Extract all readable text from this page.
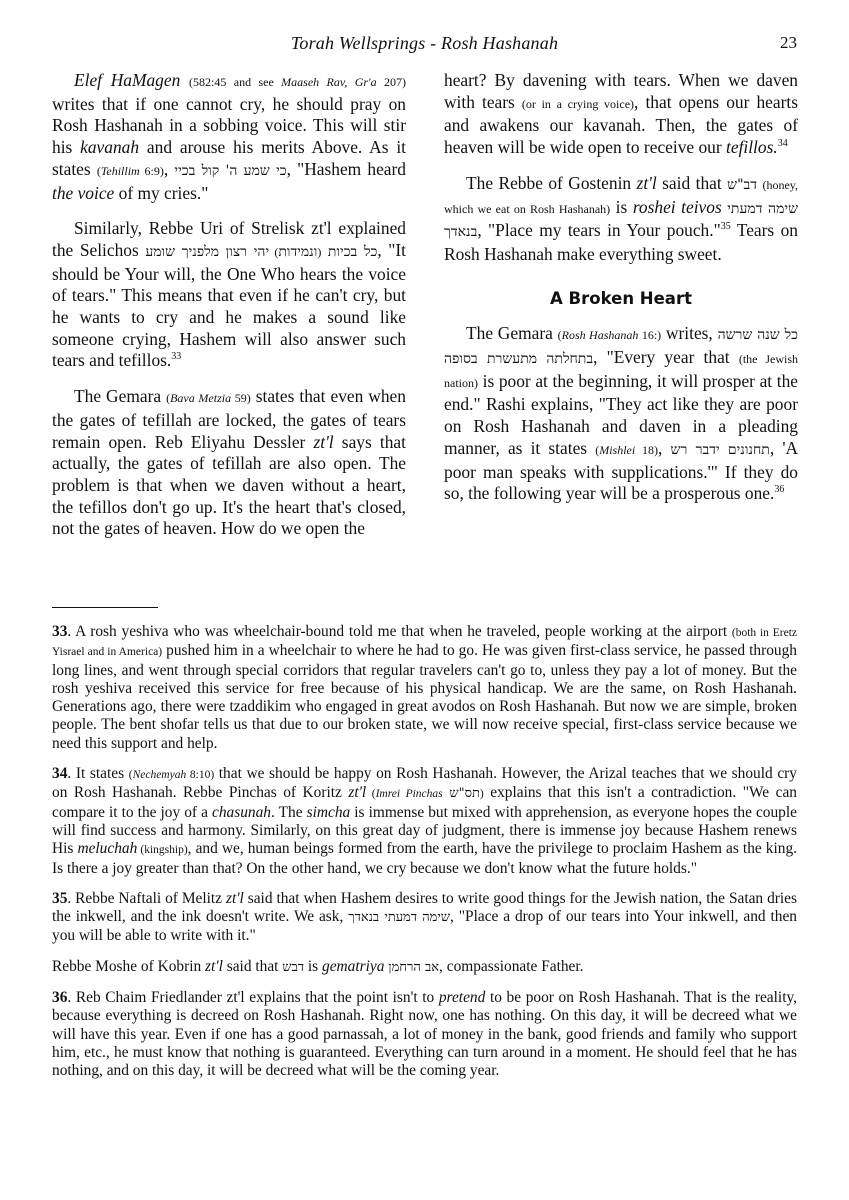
Torah Wellsprings - Rosh Hashanah	23

Elef HaMagen (582:45 and see Maaseh Rav, Gr'a 207) writes that if one cannot cry, he should pray on Rosh Hashanah in a sobbing voice. This will stir his kavanah and arouse his merits Above. As it states (Tehillim 6:9), כי שמע ה' קול בכיי, "Hashem heard the voice of my cries."

Similarly, Rebbe Uri of Strelisk zt'l explained the Selichos יהי רצון מלפניך שומע (ונמידות) כל בכיות, "It should be Your will, the One Who hears the voice of tears." This means that even if he can't cry, but he wants to cry and he makes a sound like someone crying, Hashem will also answer such tears and tefillos.$^{33}$

The Gemara (Bava Metzia 59) states that even when the gates of tefillah are locked, the gates of tears remain open. Reb Eliyahu Dessler zt'l says that actually, the gates of tefillah are also open. The problem is that when we daven without a heart, the tefillos don't go up. It's the heart that's closed, not the gates of heaven. How do we open the

heart? By davening with tears. When we daven with tears (or in a crying voice), that opens our hearts and awakens our kavanah. Then, the gates of heaven will be wide open to receive our tefillos.$^{34}$

The Rebbe of Gostenin zt'l said that דב"ש (honey, which we eat on Rosh Hashanah) is roshei teivos שימה דמעתי בנאדך, "Place my tears in Your pouch."$^{35}$ Tears on Rosh Hashanah make everything sweet.

A Broken Heart

The Gemara (Rosh Hashanah 16:) writes, כל שנה שרשה בתחלתה מתעשרת בסופה, "Every year that (the Jewish nation) is poor at the beginning, it will prosper at the end." Rashi explains, "They act like they are poor on Rosh Hashanah and daven in a pleading manner, as it states (Mishlei 18), תחנונים ידבר רש, 'A poor man speaks with supplications.'" If they do so, the following year will be a prosperous one.$^{36}$

33. A rosh yeshiva who was wheelchair-bound told me that when he traveled, people working at the airport (both in Eretz Yisrael and in America) pushed him in a wheelchair to where he had to go. He was given first-class service, he passed through long lines, and went through special corridors that regular travelers can't go to, unless they pay a lot of money. But the rosh yeshiva received this service for free because of his physical handicap. We are the same, on Rosh Hashanah. Generations ago, there were tzaddikim who engaged in great avodos on Rosh Hashanah. But now we are simple, broken people. The bent shofar tells us that due to our broken state, we will now receive special, first-class service because we need this support and help.

34. It states (Nechemyah 8:10) that we should be happy on Rosh Hashanah. However, the Arizal teaches that we should cry on Rosh Hashanah. Rebbe Pinchas of Koritz zt'l (Imrei Pinchas תס"ש) explains that this isn't a contradiction. "We can compare it to the joy of a chasunah. The simcha is immense but mixed with apprehension, as everyone hopes the couple will find success and harmony. Similarly, on this great day of judgment, there is immense joy because Hashem renews His meluchah (kingship), and we, human beings formed from the earth, have the privilege to proclaim Hashem as the king. Is there a joy greater than that? On the other hand, we cry because we don't know what the future holds."

35. Rebbe Naftali of Melitz zt'l said that when Hashem desires to write good things for the Jewish nation, the Satan dries the inkwell, and the ink doesn't write. We ask, שימה דמעתי בנאדך, "Place a drop of our tears into Your inkwell, and then you will be able to write with it."

Rebbe Moshe of Kobrin zt'l said that דבש is gematriya אב הרחמן, compassionate Father.

36. Reb Chaim Friedlander zt'l explains that the point isn't to pretend to be poor on Rosh Hashanah. That is the reality, because everything is decreed on Rosh Hashanah. Right now, one has nothing. On this day, it will be decreed what we will have this year. Even if one has a good parnassah, a lot of money in the bank, good friends and family who support him, etc., he must know that nothing is guaranteed. Everything can turn around in a moment. He should feel that he has nothing, and on this day, it will be decreed what will be the coming year.
